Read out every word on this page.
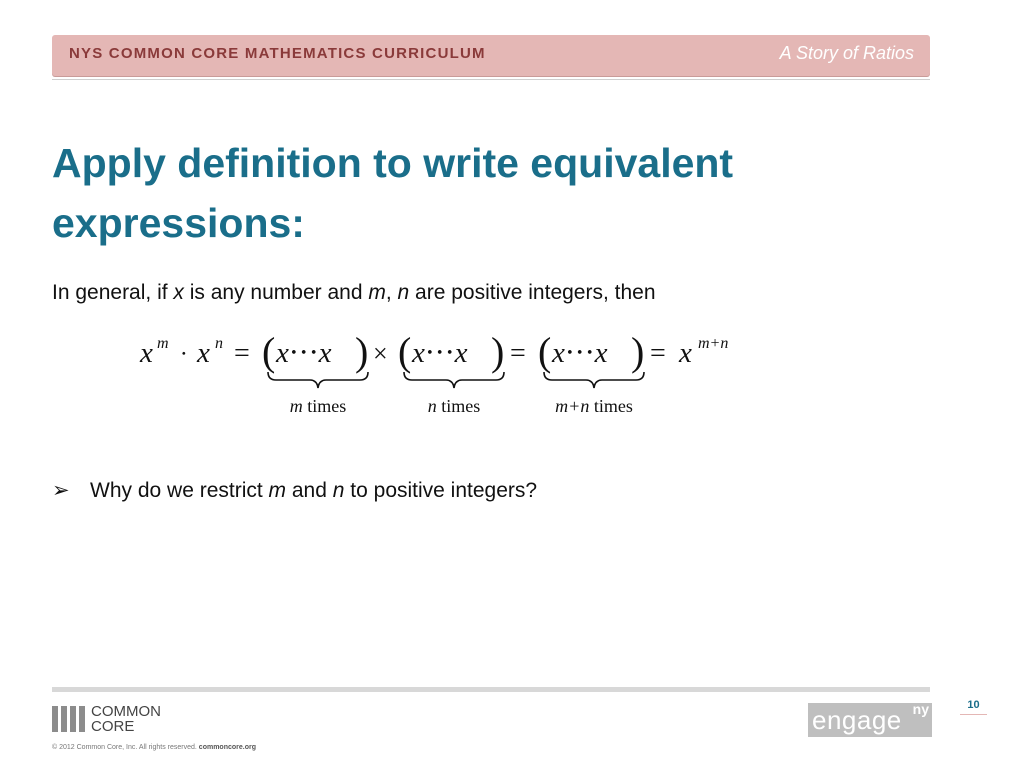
NYS COMMON CORE MATHEMATICS CURRICULUM	A Story of Ratios
Apply definition to write equivalent expressions:

In general, if x is any number and m, n are positive integers, then

x m ⋅ x n = ( x⋅⋅⋅x ) × ( x⋅⋅⋅x ) = ( x⋅⋅⋅x ) = x m+n
m times	n times	m+n times
➢ Why do we restrict m and n to positive integers?
COMMON
CORE
© 2012 Common Core, Inc. All rights reserved. commoncore.org
engage ny	10
